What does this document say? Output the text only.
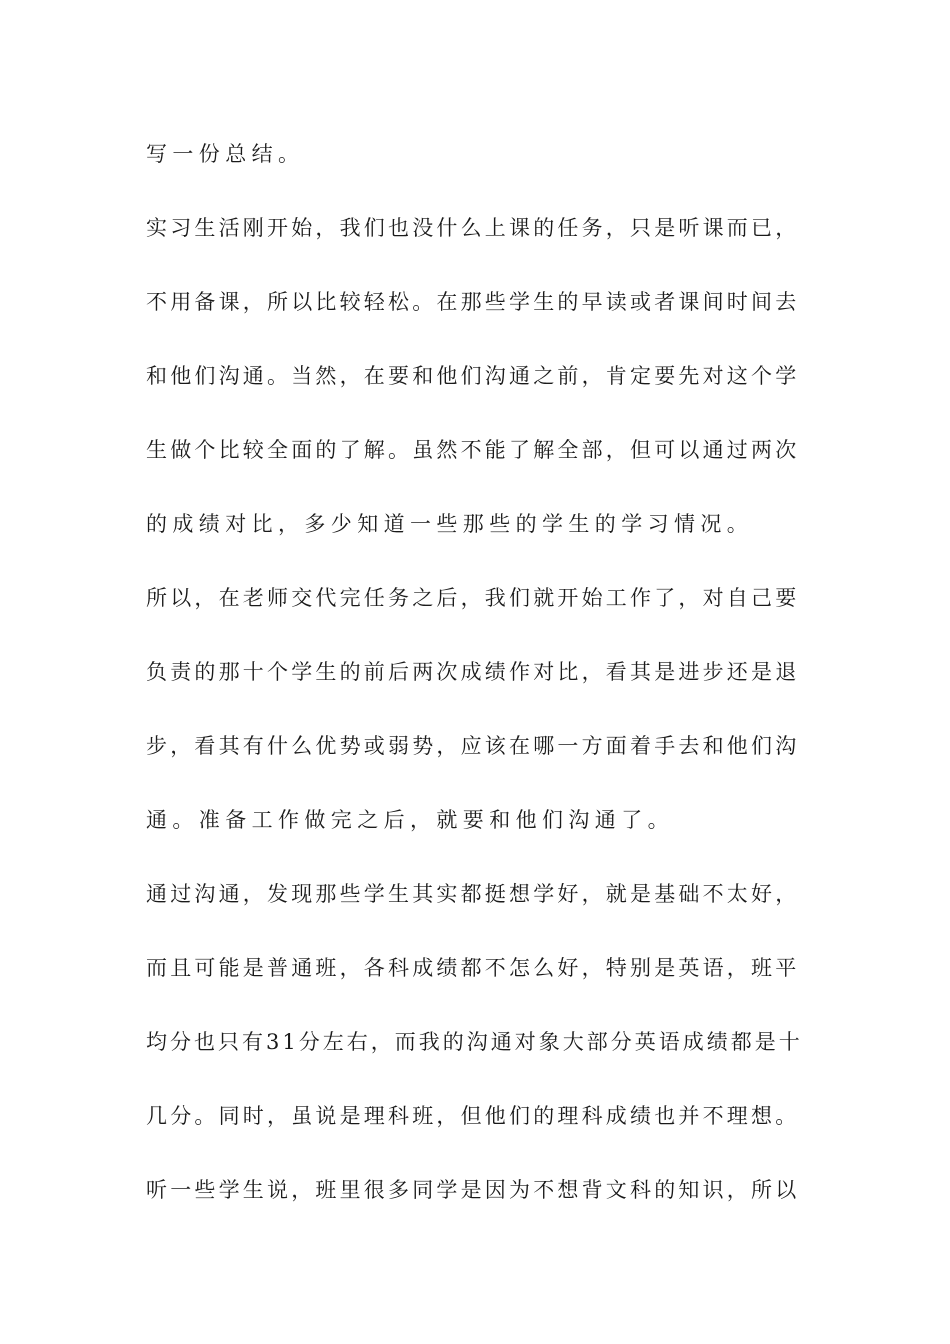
写一份总结。
实习生活刚开始，我们也没什么上课的任务，只是听课而已，
不用备课，所以比较轻松。在那些学生的早读或者课间时间去
和他们沟通。当然，在要和他们沟通之前，肯定要先对这个学
生做个比较全面的了解。虽然不能了解全部，但可以通过两次
的成绩对比，多少知道一些那些的学生的学习情况。
所以，在老师交代完任务之后，我们就开始工作了，对自己要
负责的那十个学生的前后两次成绩作对比，看其是进步还是退
步，看其有什么优势或弱势，应该在哪一方面着手去和他们沟
通。准备工作做完之后，就要和他们沟通了。
通过沟通，发现那些学生其实都挺想学好，就是基础不太好，
而且可能是普通班，各科成绩都不怎么好，特别是英语，班平
均分也只有31分左右，而我的沟通对象大部分英语成绩都是十
几分。同时，虽说是理科班，但他们的理科成绩也并不理想。
听一些学生说，班里很多同学是因为不想背文科的知识，所以
